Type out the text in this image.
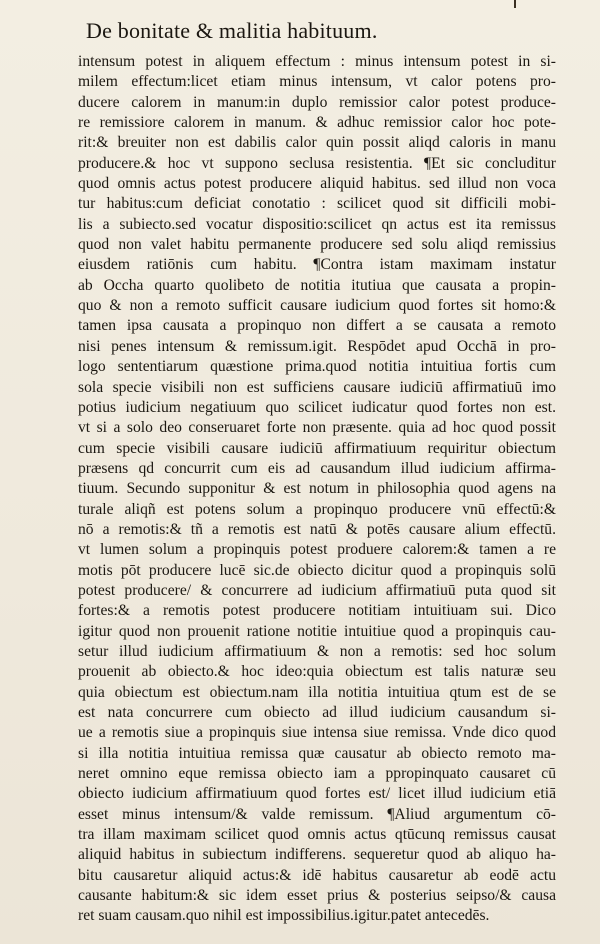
De bonitate & malitia habituum.
intensum potest in aliquem effectum : minus intensum potest in si-
milem effectum:licet etiam minus intensum, vt calor potens pro-
ducere calorem in manum:in duplo remissior calor potest produce-
re remissiore calorem in manum. & adhuc remissior calor hoc pote-
rit:& breuiter non est dabilis calor quin possit aliqd caloris in manu
producere.& hoc vt suppono seclusa resistentia. ¶Et sic concluditur
quod omnis actus potest producere aliquid habitus. sed illud non voca
tur habitus:cum deficiat conotatio : scilicet quod sit difficili mobi-
lis a subiecto.sed vocatur dispositio:scilicet qn actus est ita remissus
quod non valet habitu permanente producere sed solu aliqd remissius
eiusdem ratiōnis cum habitu. ¶Contra istam maximam instatur
ab Occha quarto quolibeto de notitia itutiua que causata a propin-
quo & non a remoto sufficit causare iudicium quod fortes sit homo:&
tamen ipsa causata a propinquo non differt a se causata a remoto
nisi penes intensum & remissum.igit. Respōdet apud Occhā in pro-
logo sententiarum quæstione prima.quod notitia intuitiua fortis cum
sola specie visibili non est sufficiens causare iudiciū affirmatiuū imo
potius iudicium negatiuum quo scilicet iudicatur quod fortes non est.
vt si a solo deo conseruaret forte non præsente. quia ad hoc quod possit
cum specie visibili causare iudiciū affirmatiuum requiritur obiectum
præsens qd concurrit cum eis ad causandum illud iudicium affirma-
tiuum. Secundo supponitur & est notum in philosophia quod agens na
turale aliqñ est potens solum a propinquo producere vnū effectū:&
nō a remotis:& tñ a remotis est natū & potēs causare alium effectū.
vt lumen solum a propinquis potest produere calorem:& tamen a re
motis pōt producere lucē sic.de obiecto dicitur quod a propinquis solū
potest producere/ & concurrere ad iudicium affirmatiuū puta quod sit
fortes:& a remotis potest producere notitiam intuitiuam sui. Dico
igitur quod non prouenit ratione notitie intuitiue quod a propinquis cau-
setur illud iudicium affirmatiuum & non a remotis: sed hoc solum
prouenit ab obiecto.& hoc ideo:quia obiectum est talis naturæ seu
quia obiectum est obiectum.nam illa notitia intuitiua qtum est de se
est nata concurrere cum obiecto ad illud iudicium causandum si-
ue a remotis siue a propinquis siue intensa siue remissa. Vnde dico quod
si illa notitia intuitiua remissa quæ causatur ab obiecto remoto ma-
neret omnino eque remissa obiecto iam a ppropinquato causaret cū
obiecto iudicium affirmatiuum quod fortes est/ licet illud iudicium etiā
esset minus intensum/& valde remissum. ¶Aliud argumentum cō-
tra illam maximam scilicet quod omnis actus qtūcunq remissus causat
aliquid habitus in subiectum indifferens. sequeretur quod ab aliquo ha-
bitu causaretur aliquid actus:& idē habitus causaretur ab eodē actu
causante habitum:& sic idem esset prius & posterius seipso/& causa
ret suam causam.quo nihil est impossibilius.igitur.patet antecedēs.
